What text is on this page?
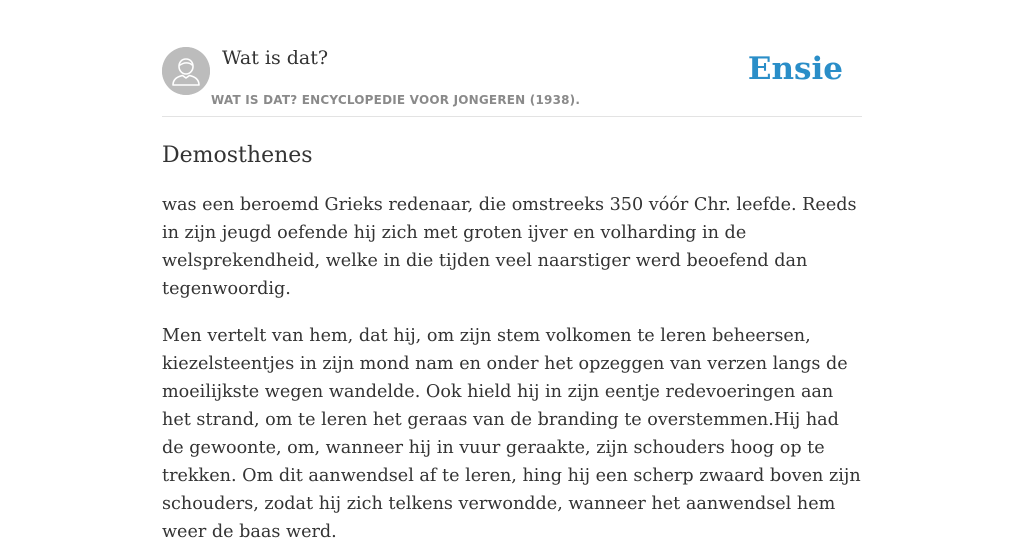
Wat is dat?
WAT IS DAT? ENCYCLOPEDIE VOOR JONGEREN (1938).
Ensie
Demosthenes

was een beroemd Grieks redenaar, die omstreeks 350 vóór Chr. leefde. Reeds in zijn jeugd oefende hij zich met groten ijver en volharding in de welsprekendheid, welke in die tijden veel naarstiger werd beoefend dan tegenwoordig.

Men vertelt van hem, dat hij, om zijn stem volkomen te leren beheersen, kiezelsteentjes in zijn mond nam en onder het opzeggen van verzen langs de moeilijkste wegen wandelde. Ook hield hij in zijn eentje redevoeringen aan het strand, om te leren het geraas van de branding te overstemmen.Hij had de gewoonte, om, wanneer hij in vuur geraakte, zijn schouders hoog op te trekken. Om dit aanwendsel af te leren, hing hij een scherp zwaard boven zijn schouders, zodat hij zich telkens verwondde, wanneer het aanwendsel hem weer de baas werd.
